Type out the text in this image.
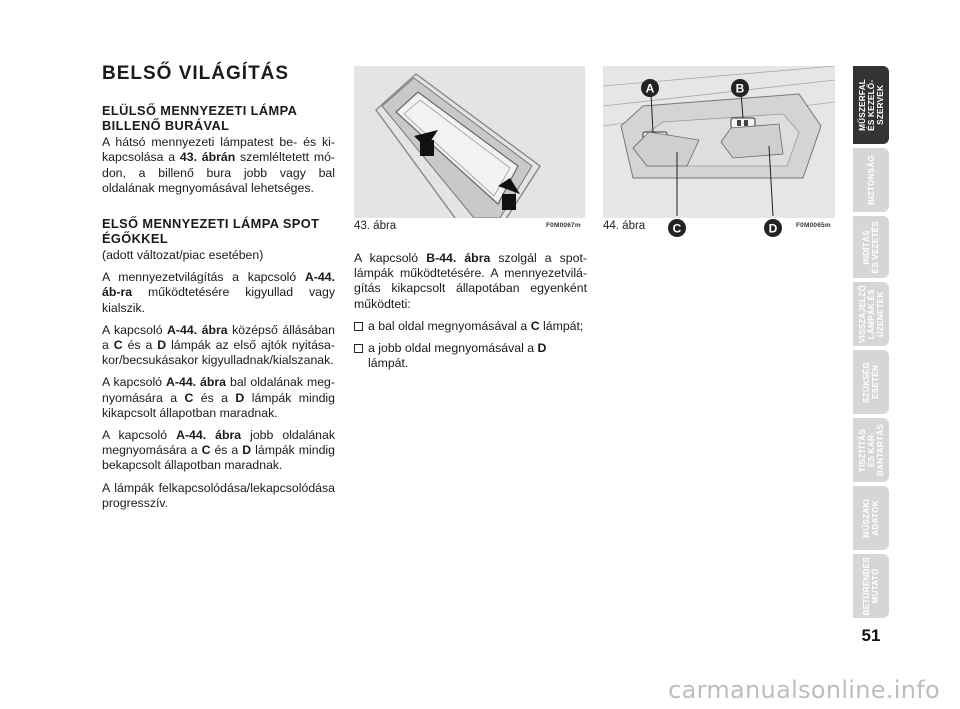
BELSŐ VILÁGÍTÁS
ELÜLSŐ MENNYEZETI LÁMPA BILLENŐ BURÁVAL

A hátsó mennyezeti lámpatest be- és ki-kapcsolása a 43. ábrán szemléltetett mó-don, a billenő bura jobb vagy bal oldalának megnyomásával lehetséges.

ELSŐ MENNYEZETI LÁMPA SPOT ÉGŐKKEL

(adott változat/piac esetében)

A mennyezetvilágítás a kapcsoló A-44. áb-ra működtetésére kigyullad vagy kialszik.

A kapcsoló A-44. ábra középső állásában a C és a D lámpák az első ajtók nyitása-kor/becsukásakor kigyulladnak/kialszanak.

A kapcsoló A-44. ábra bal oldalának meg-nyomására a C és a D lámpák mindig kikapcsolt állapotban maradnak.

A kapcsoló A-44. ábra jobb oldalának megnyomására a C és a D lámpák mindig bekapcsolt állapotban maradnak.

A lámpák felkapcsolódása/lekapcsolódása progresszív.

43. ábra	F0M0067m
A	B
C	D
44. ábra	F0M0065m

A kapcsoló B-44. ábra szolgál a spot-lámpák működtetésére. A mennyezetvilá-gítás kikapcsolt állapotában egyenként működteti:

a bal oldal megnyomásával a C lámpát;
a jobb oldal megnyomásával a D lámpát.
MŰSZERFAL
ÉS KEZELŐ-
SZERVEK
BIZTONSÁG
INDÍTÁS
ÉS VEZETÉS
VISSZAJELZŐ
LÁMPÁK ÉS
ÜZENETEK
SZÜKSÉG
ESETÉN
TISZTÍTÁS
ÉS KAR-
BANTARTÁS
MŰSZAKI
ADATOK
BETŰRENDES
MUTATÓ
51
carmanualsonline.info
